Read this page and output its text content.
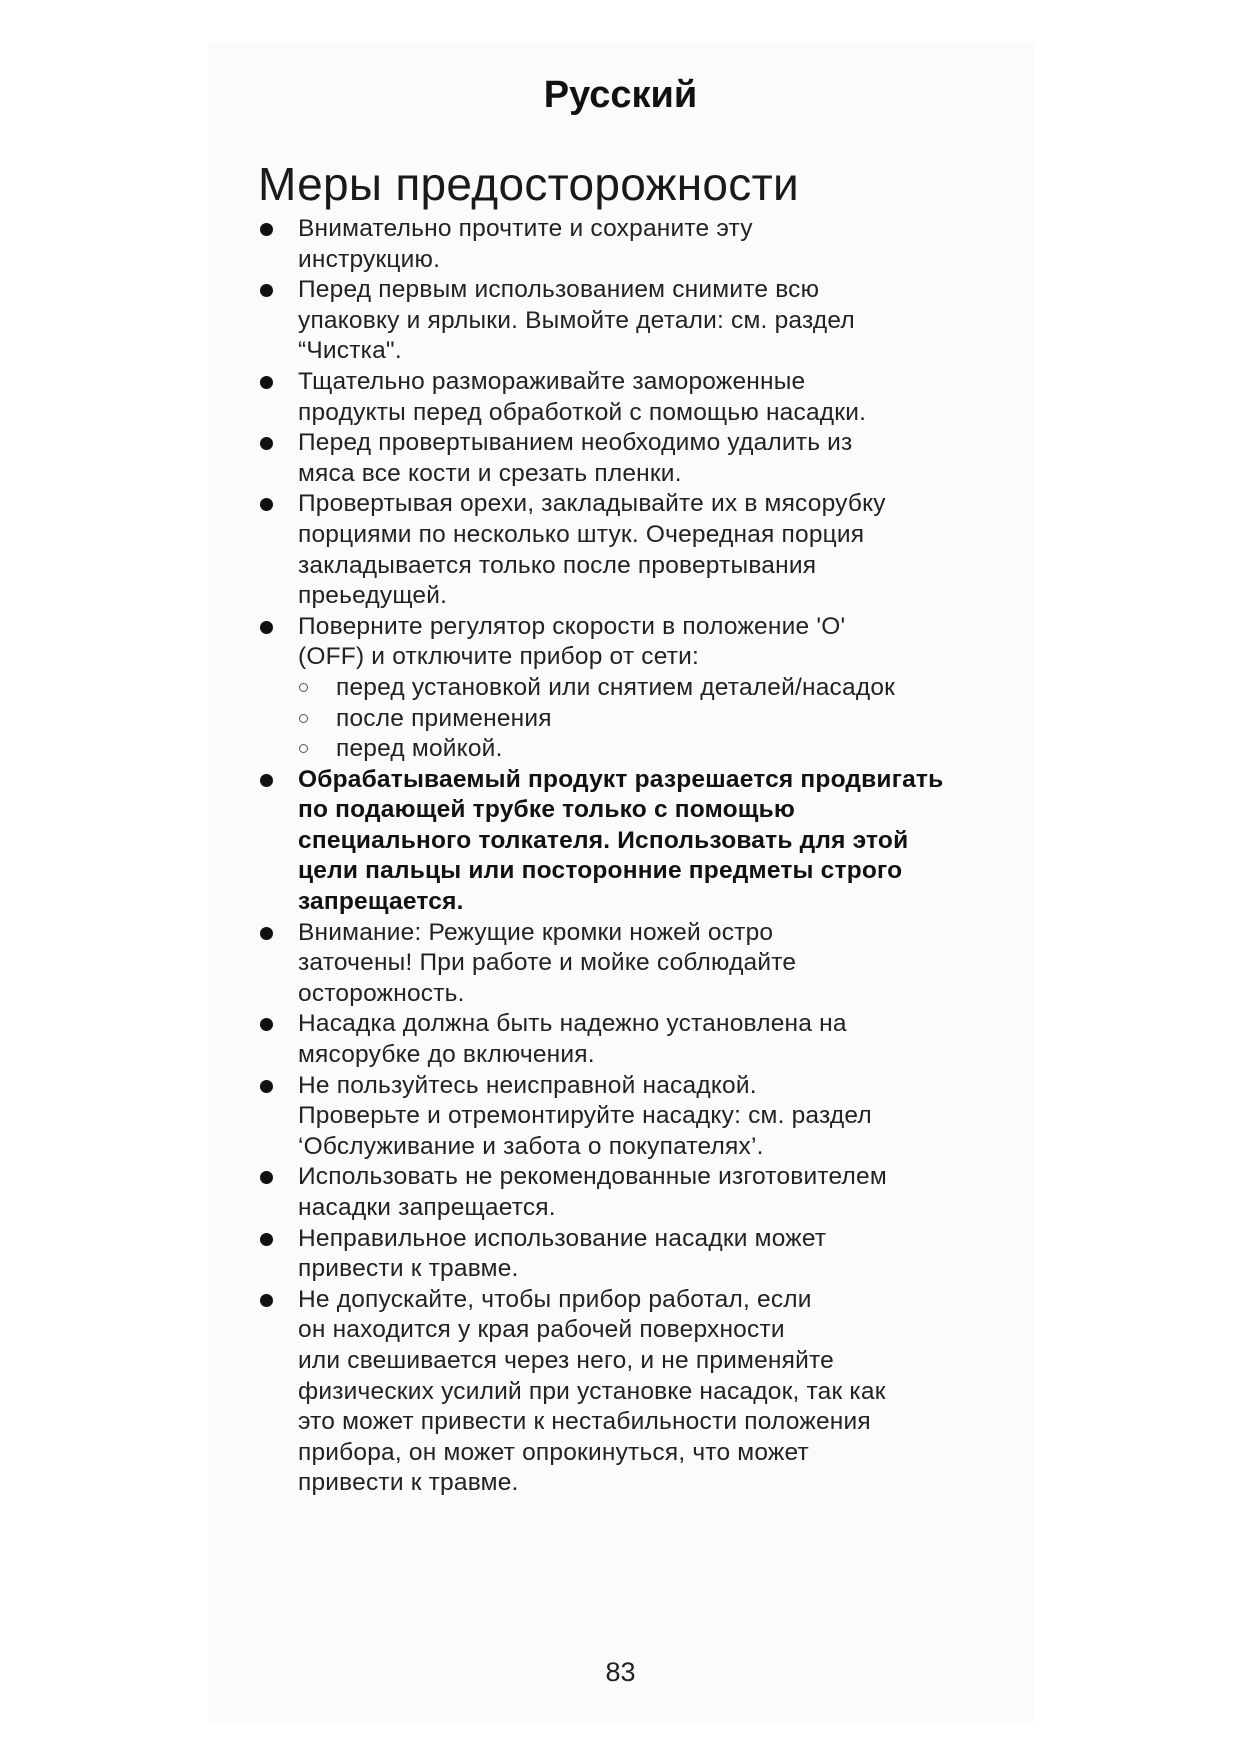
Русский
Меры предосторожности
Внимательно прочтите и сохраните эту
инструкцию.
Перед первым использованием снимите всю
упаковку и ярлыки. Вымойте детали: см. раздел
“Чистка".
Тщательно размораживайте замороженные
продукты перед обработкой с помощью насадки.
Перед провертыванием необходимо удалить из
мяса все кости и срезать пленки.
Провертывая орехи, закладывайте их в мясорубку
порциями по несколько штук. Очередная порция
закладывается только после провертывания
преьедущей.
Поверните регулятор скорости в положение 'O'
(OFF) и отключите прибор от сети:
перед установкой или снятием деталей/насадок
после применения
перед мойкой.
Обрабатываемый продукт разрешается продвигать
по подающей трубке только с помощью
специального толкателя. Использовать для этой
цели пальцы или посторонние предметы строго
запрещается.
Внимание: Режущие кромки ножей остро
заточены! При работе и мойке соблюдайте
осторожность.
Насадка должна быть надежно установлена на
мясорубке до включения.
Не пользуйтесь неисправной насадкой.
Проверьте и отремонтируйте насадку: см. раздел
‘Обслуживание и забота о покупателях’.
Использовать не рекомендованные изготовителем
насадки запрещается.
Неправильное использование насадки может
привести к травме.
Не допускайте, чтобы прибор работал, если
он находится у края рабочей поверхности
или свешивается через него, и не применяйте
физических усилий при установке насадок, так как
это может привести к нестабильности положения
прибора, он может опрокинуться, что может
привести к травме.
83
